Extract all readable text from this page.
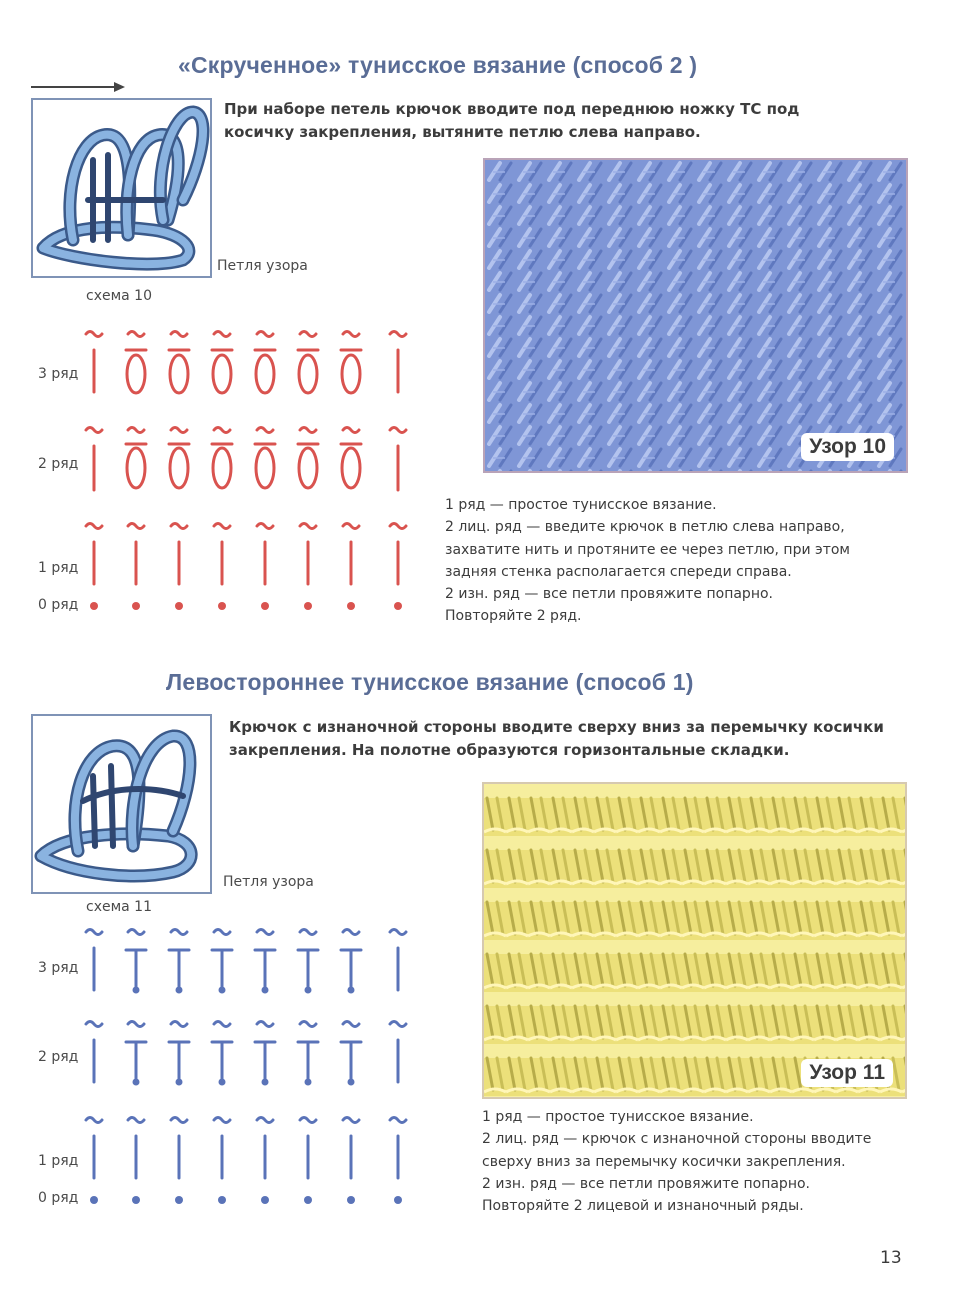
«Скрученное» тунисское вязание (способ 2 )
Петля узора
схема 10
При наборе петель крючок вводите под переднюю ножку ТС под косичку закрепления, вытяните петлю слева направо.
3 ряд
2 ряд
1 ряд
0 ряд
Узор 10
1 ряд — простое тунисское вязание.
2 лиц. ряд — введите крючок в петлю слева направо,
захватите нить и протяните ее через петлю, при этом
задняя стенка располагается спереди справа.
2 изн. ряд — все петли провяжите попарно.
Повторяйте 2 ряд.
Левостороннее тунисское вязание (способ 1)
Петля узора
схема 11
Крючок с изнаночной стороны вводите сверху вниз за перемычку косички закрепления. На полотне образуются горизонтальные складки.
3 ряд
2 ряд
1 ряд
0 ряд
Узор 11
1 ряд — простое тунисское вязание.
2 лиц. ряд — крючок с изнаночной стороны вводите
сверху вниз за перемычку косички закрепления.
2 изн. ряд — все петли провяжите попарно.
Повторяйте 2 лицевой и изнаночный ряды.
13
